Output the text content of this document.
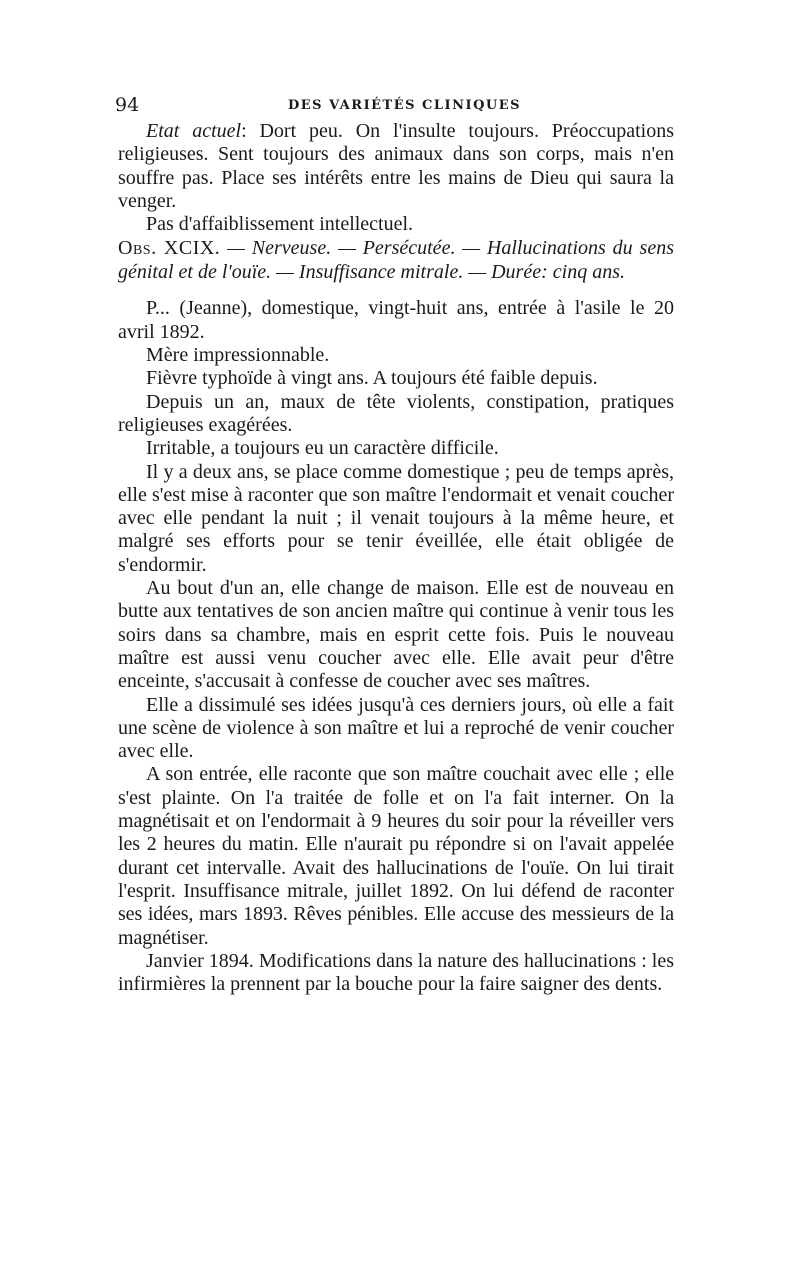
94	DES VARIÉTÉS CLINIQUES

Etat actuel: Dort peu. On l'insulte toujours. Préoccupations religieuses. Sent toujours des animaux dans son corps, mais n'en souffre pas. Place ses intérêts entre les mains de Dieu qui saura la venger.

Pas d'affaiblissement intellectuel.

Obs. XCIX. — Nerveuse. — Persécutée. — Hallucinations du sens génital et de l'ouïe. — Insuffisance mitrale. — Durée: cinq ans.

P... (Jeanne), domestique, vingt-huit ans, entrée à l'asile le 20 avril 1892.

Mère impressionnable.

Fièvre typhoïde à vingt ans. A toujours été faible depuis.

Depuis un an, maux de tête violents, constipation, pratiques religieuses exagérées.

Irritable, a toujours eu un caractère difficile.

Il y a deux ans, se place comme domestique ; peu de temps après, elle s'est mise à raconter que son maître l'endormait et venait coucher avec elle pendant la nuit ; il venait toujours à la même heure, et malgré ses efforts pour se tenir éveillée, elle était obligée de s'endormir.

Au bout d'un an, elle change de maison. Elle est de nouveau en butte aux tentatives de son ancien maître qui continue à venir tous les soirs dans sa chambre, mais en esprit cette fois. Puis le nouveau maître est aussi venu coucher avec elle. Elle avait peur d'être enceinte, s'accusait à confesse de coucher avec ses maîtres.

Elle a dissimulé ses idées jusqu'à ces derniers jours, où elle a fait une scène de violence à son maître et lui a reproché de venir coucher avec elle.

A son entrée, elle raconte que son maître couchait avec elle ; elle s'est plainte. On l'a traitée de folle et on l'a fait interner. On la magnétisait et on l'endormait à 9 heures du soir pour la réveiller vers les 2 heures du matin. Elle n'aurait pu répondre si on l'avait appelée durant cet intervalle. Avait des hallucinations de l'ouïe. On lui tirait l'esprit. Insuffisance mitrale, juillet 1892. On lui défend de raconter ses idées, mars 1893. Rêves pénibles. Elle accuse des messieurs de la magnétiser.

Janvier 1894. Modifications dans la nature des hallucinations : les infirmières la prennent par la bouche pour la faire saigner des dents.
